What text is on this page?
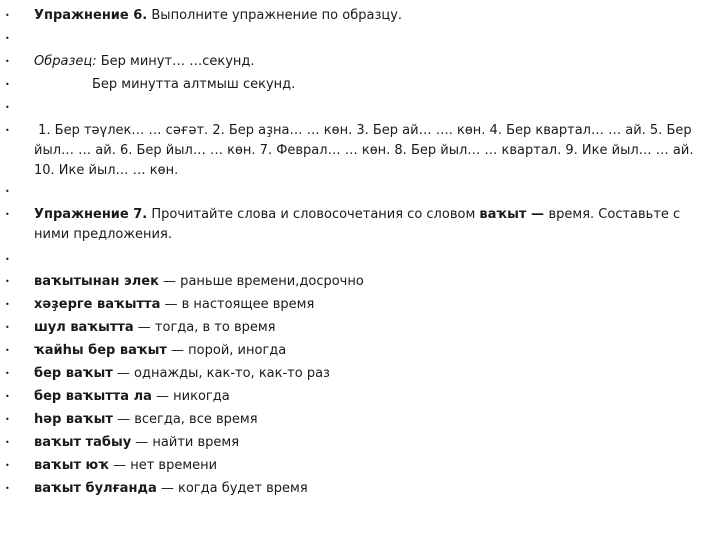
• Упражнение 6. Выполните упражнение по образцу.
•
• Образец: Бер минут… …секунд.
•	Бер минутта алтмыш секунд.
•
• 1. Бер тәүлек… … сәғәт. 2. Бер аҙна… … көн. 3. Бер ай… …. көн. 4. Бер квартал… … ай. 5. Бер йыл… … ай. 6. Бер йыл… … көн. 7. Феврал… … көн. 8. Бер йыл… … квартал. 9. Ике йыл… … ай. 10. Ике йыл… … көн.
•
• Упражнение 7. Прочитайте слова и словосочетания со словом ваҡыт — время. Составьте с ними предложения.
•
• ваҡытынан элек — раньше времени,досрочно
• хәҙерге ваҡытта — в настоящее время
• шул ваҡытта — тогда, в то время
• ҡайһы бер ваҡыт — порой, иногда
• бер ваҡыт — однажды, как-то, как-то раз
• бер ваҡытта ла — никогда
• һәр ваҡыт — всегда, все время
• ваҡыт табыу — найти время
• ваҡыт юҡ — нет времени
• ваҡыт булғанда — когда будет время
